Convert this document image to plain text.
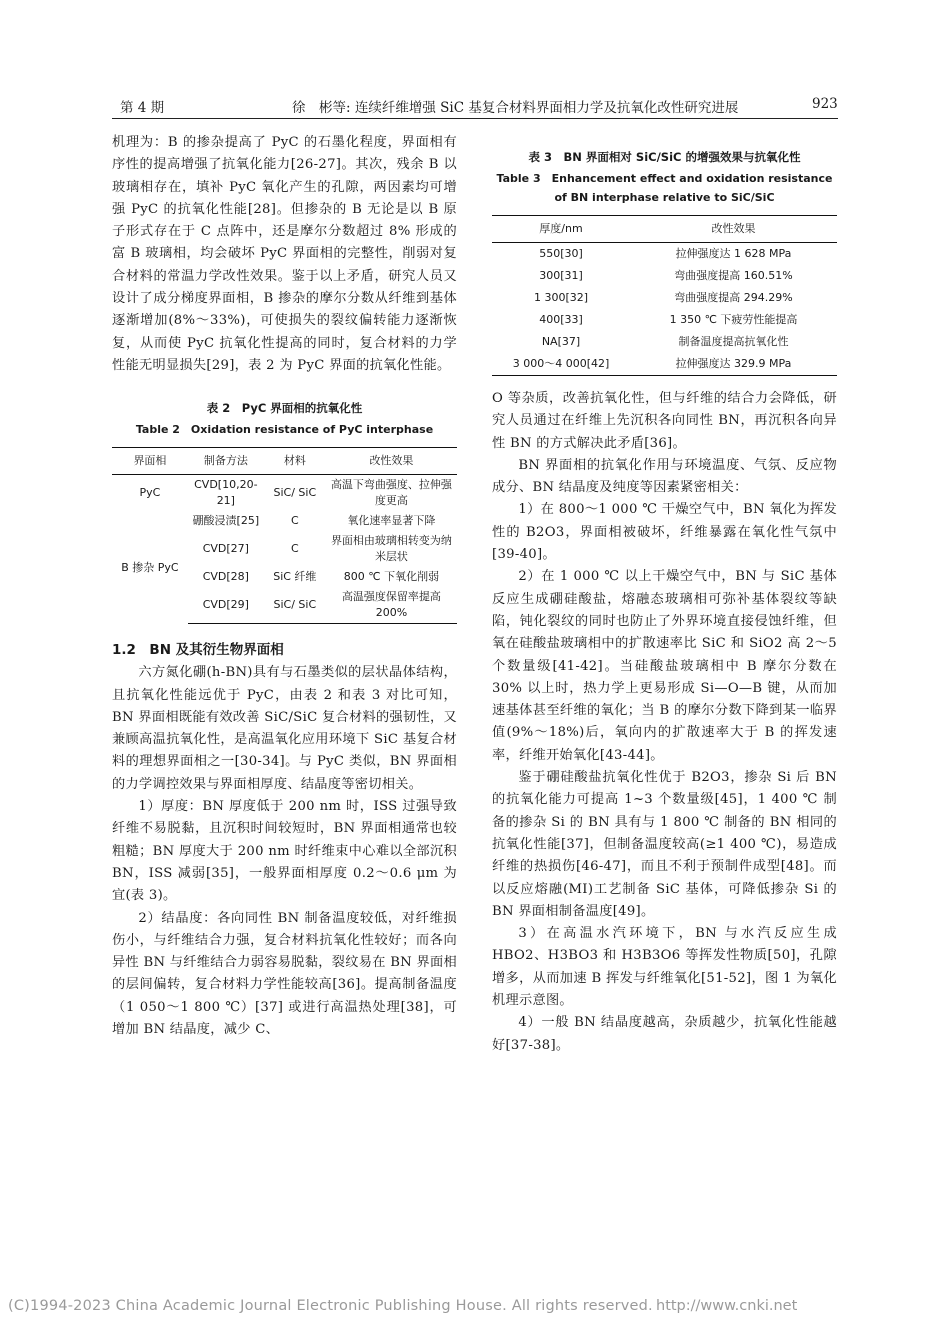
第 4 期	徐　彬等: 连续纤维增强 SiC 基复合材料界面相力学及抗氧化改性研究进展	923

机理为：B 的掺杂提高了 PyC 的石墨化程度，界面相有序性的提高增强了抗氧化能力[26-27]。其次，残余 B 以玻璃相存在，填补 PyC 氧化产生的孔隙，两因素均可增强 PyC 的抗氧化性能[28]。但掺杂的 B 无论是以 B 原子形式存在于 C 点阵中，还是摩尔分数超过 8% 形成的富 B 玻璃相，均会破坏 PyC 界面相的完整性，削弱对复合材料的常温力学改性效果。鉴于以上矛盾，研究人员又设计了成分梯度界面相，B 掺杂的摩尔分数从纤维到基体逐渐增加(8%～33%)，可使损失的裂纹偏转能力逐渐恢复，从而使 PyC 抗氧化性提高的同时，复合材料的力学性能无明显损失[29]，表 2 为 PyC 界面的抗氧化性能。

表 2　PyC 界面相的抗氧化性
Table 2　Oxidation resistance of PyC interphase
界面相	制备方法	材料	改性效果
PyC	CVD[10,20-21]	SiC/ SiC	高温下弯曲强度、拉伸强度更高
B 掺杂 PyC	硼酸浸渍[25]	C	氧化速率显著下降
	CVD[27]	C	界面相由玻璃相转变为纳米层状
	CVD[28]	SiC 纤维	800 ℃ 下氧化削弱
	CVD[29]	SiC/ SiC	高温强度保留率提高 200%
1.2　BN 及其衍生物界面相

六方氮化硼(h-BN)具有与石墨类似的层状晶体结构，且抗氧化性能远优于 PyC，由表 2 和表 3 对比可知，BN 界面相既能有效改善 SiC/SiC 复合材料的强韧性，又兼顾高温抗氧化性，是高温氧化应用环境下 SiC 基复合材料的理想界面相之一[30-34]。与 PyC 类似，BN 界面相的力学调控效果与界面相厚度、结晶度等密切相关。

1）厚度：BN 厚度低于 200 nm 时，ISS 过强导致纤维不易脱黏，且沉积时间较短时，BN 界面相通常也较粗糙；BN 厚度大于 200 nm 时纤维束中心难以全部沉积 BN，ISS 减弱[35]，一般界面相厚度 0.2～0.6 μm 为宜(表 3)。

2）结晶度：各向同性 BN 制备温度较低，对纤维损伤小，与纤维结合力强，复合材料抗氧化性较好；而各向异性 BN 与纤维结合力弱容易脱黏，裂纹易在 BN 界面相的层间偏转，复合材料力学性能较高[36]。提高制备温度（1 050～1 800 ℃）[37] 或进行高温热处理[38]，可增加 BN 结晶度，减少 C、

表 3　BN 界面相对 SiC/SiC 的增强效果与抗氧化性
Table 3　Enhancement effect and oxidation resistance of BN interphase relative to SiC/SiC
厚度/nm	改性效果
550[30]	拉伸强度达 1 628 MPa
300[31]	弯曲强度提高 160.51%
1 300[32]	弯曲强度提高 294.29%
400[33]	1 350 ℃ 下疲劳性能提高
NA[37]	制备温度提高抗氧化性
3 000～4 000[42]	拉伸强度达 329.9 MPa

O 等杂质，改善抗氧化性，但与纤维的结合力会降低，研究人员通过在纤维上先沉积各向同性 BN，再沉积各向异性 BN 的方式解决此矛盾[36]。

BN 界面相的抗氧化作用与环境温度、气氛、反应物成分、BN 结晶度及纯度等因素紧密相关：

1）在 800～1 000 ℃ 干燥空气中，BN 氧化为挥发性的 B2O3，界面相被破坏，纤维暴露在氧化性气氛中[39-40]。

2）在 1 000 ℃ 以上干燥空气中，BN 与 SiC 基体反应生成硼硅酸盐，熔融态玻璃相可弥补基体裂纹等缺陷，钝化裂纹的同时也防止了外界环境直接侵蚀纤维，但氧在硅酸盐玻璃相中的扩散速率比 SiC 和 SiO2 高 2～5 个数量级[41-42]。当硅酸盐玻璃相中 B 摩尔分数在 30% 以上时，热力学上更易形成 Si—O—B 键，从而加速基体甚至纤维的氧化；当 B 的摩尔分数下降到某一临界值(9%～18%)后，氧向内的扩散速率大于 B 的挥发速率，纤维开始氧化[43-44]。

鉴于硼硅酸盐抗氧化性优于 B2O3，掺杂 Si 后 BN 的抗氧化能力可提高 1~3 个数量级[45]，1 400 ℃ 制备的掺杂 Si 的 BN 具有与 1 800 ℃ 制备的 BN 相同的抗氧化性能[37]，但制备温度较高(≥1 400 ℃)，易造成纤维的热损伤[46-47]，而且不利于预制件成型[48]。而以反应熔融(MI)工艺制备 SiC 基体，可降低掺杂 Si 的 BN 界面相制备温度[49]。

3）在高温水汽环境下，BN 与水汽反应生成 HBO2、H3BO3 和 H3B3O6 等挥发性物质[50]，孔隙增多，从而加速 B 挥发与纤维氧化[51-52]，图 1 为氧化机理示意图。

4）一般 BN 结晶度越高，杂质越少，抗氧化性能越好[37-38]。

(C)1994-2023 China Academic Journal Electronic Publishing House. All rights reserved. http://www.cnki.net
